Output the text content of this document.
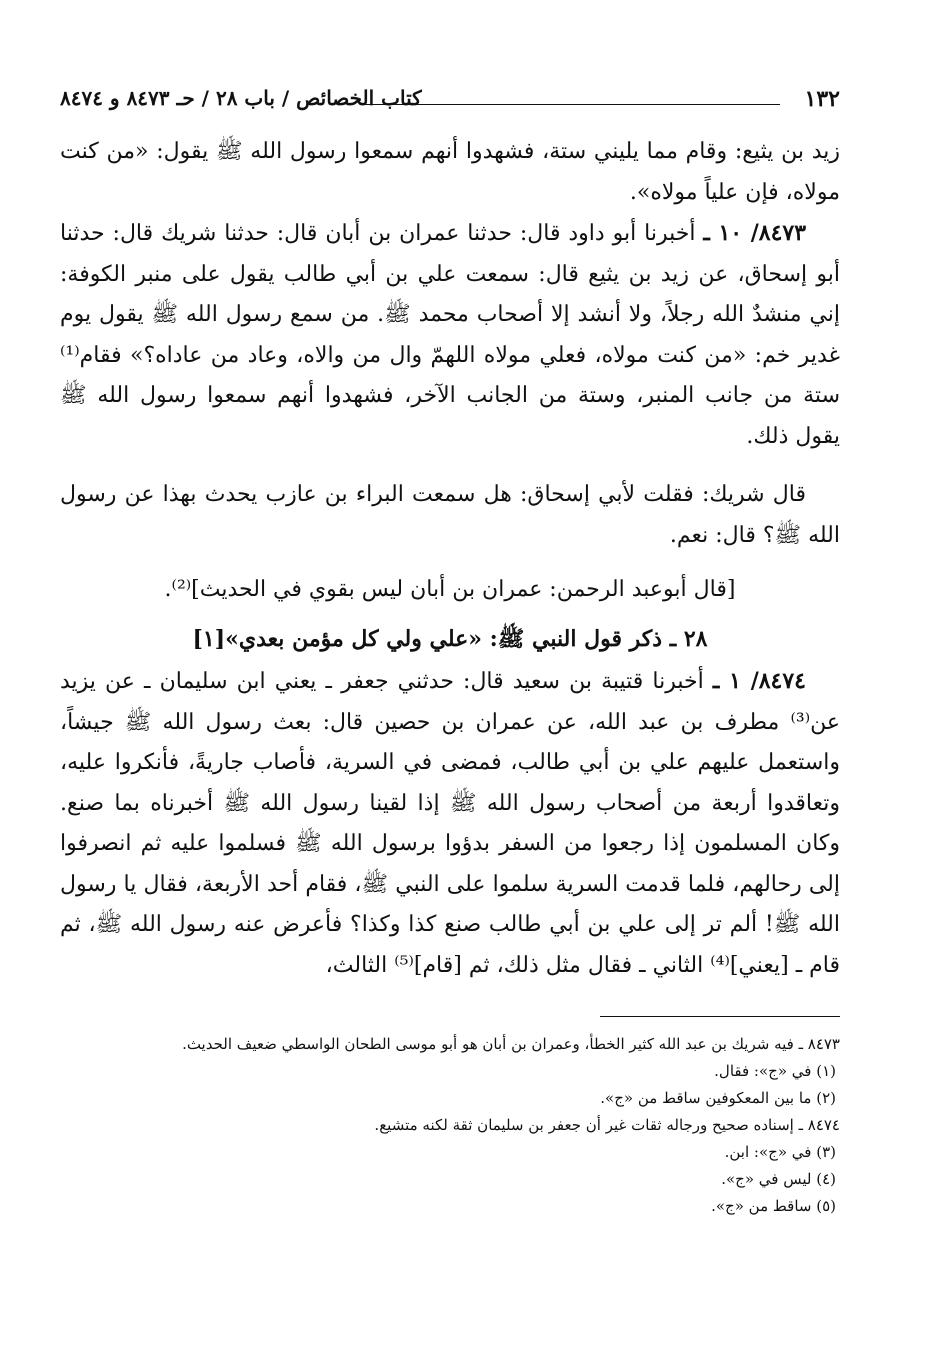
١٣٢
كتاب الخصائص / باب ٢٨ / حـ ٨٤٧٣ و ٨٤٧٤

زيد بن يثيع: وقام مما يليني ستة، فشهدوا أنهم سمعوا رسول الله ﷺ يقول: «من كنت مولاه، فإن علياً مولاه».

٨٤٧٣/ ١٠ ـ أخبرنا أبو داود قال: حدثنا عمران بن أبان قال: حدثنا شريك قال: حدثنا أبو إسحاق، عن زيد بن يثيع قال: سمعت علي بن أبي طالب يقول على منبر الكوفة: إني منشدٌ الله رجلاً، ولا أنشد إلا أصحاب محمد ﷺ. من سمع رسول الله ﷺ يقول يوم غدير خم: «من كنت مولاه، فعلي مولاه اللهمّ وال من والاه، وعاد من عاداه؟» فقام⁽¹⁾ ستة من جانب المنبر، وستة من الجانب الآخر، فشهدوا أنهم سمعوا رسول الله ﷺ يقول ذلك.

قال شريك: فقلت لأبي إسحاق: هل سمعت البراء بن عازب يحدث بهذا عن رسول الله ﷺ؟ قال: نعم.

[قال أبوعبد الرحمن: عمران بن أبان ليس بقوي في الحديث]⁽²⁾.

٢٨ ـ ذكر قول النبي ﷺ: «علي ولي كل مؤمن بعدي»[١]

٨٤٧٤/ ١ ـ أخبرنا قتيبة بن سعيد قال: حدثني جعفر ـ يعني ابن سليمان ـ عن يزيد عن⁽³⁾ مطرف بن عبد الله، عن عمران بن حصين قال: بعث رسول الله ﷺ جيشاً، واستعمل عليهم علي بن أبي طالب، فمضى في السرية، فأصاب جاريةً، فأنكروا عليه، وتعاقدوا أربعة من أصحاب رسول الله ﷺ إذا لقينا رسول الله ﷺ أخبرناه بما صنع. وكان المسلمون إذا رجعوا من السفر بدؤوا برسول الله ﷺ فسلموا عليه ثم انصرفوا إلى رحالهم، فلما قدمت السرية سلموا على النبي ﷺ، فقام أحد الأربعة، فقال يا رسول الله ﷺ! ألم تر إلى علي بن أبي طالب صنع كذا وكذا؟ فأعرض عنه رسول الله ﷺ، ثم قام ـ [يعني]⁽⁴⁾ الثاني ـ فقال مثل ذلك، ثم [قام]⁽⁵⁾ الثالث،

٨٤٧٣ ـ فيه شريك بن عبد الله كثير الخطأ، وعمران بن أبان هو أبو موسى الطحان الواسطي ضعيف الحديث.

(١) في «ج»: فقال.

(٢) ما بين المعكوفين ساقط من «ج».

٨٤٧٤ ـ إسناده صحيح ورجاله ثقات غير أن جعفر بن سليمان ثقة لكنه متشيع.

(٣) في «ج»: ابن.

(٤) ليس في «ج».

(٥) ساقط من «ج».
